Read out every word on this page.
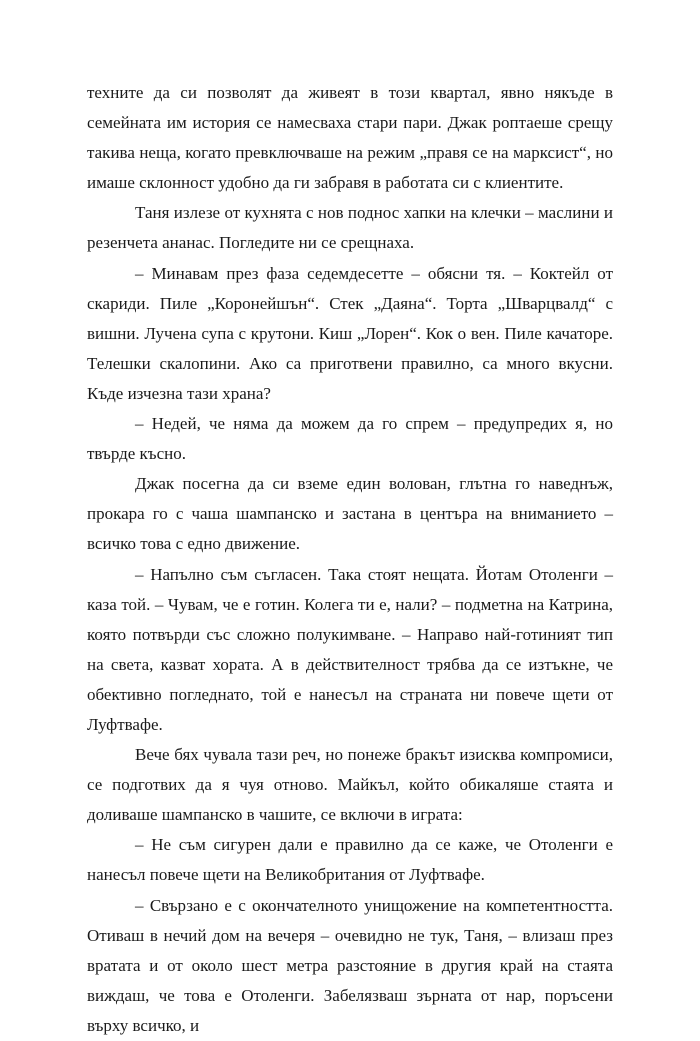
техните да си позволят да живеят в този квартал, явно някъде в семейната им история се намесваха стари пари. Джак роптаеше срещу такива неща, когато превключваше на режим „правя се на марксист“, но имаше склонност удобно да ги забравя в работата си с клиентите.

Таня излезе от кухнята с нов поднос хапки на клечки – маслини и резенчета ананас. Погледите ни се срещнаха.

– Минавам през фаза седемдесетте – обясни тя. – Коктейл от скариди. Пиле „Коронейшън“. Стек „Даяна“. Торта „Шварцвалд“ с вишни. Лучена супа с крутони. Киш „Лорен“. Кок о вен. Пиле качаторе. Телешки скалопини. Ако са приготвени правилно, са много вкусни. Къде изчезна тази храна?

– Недей, че няма да можем да го спрем – предупредих я, но твърде късно.

Джак посегна да си вземе един волован, глътна го наведнъж, прокара го с чаша шампанско и застана в центъра на вниманието – всичко това с едно движение.

– Напълно съм съгласен. Така стоят нещата. Йотам Отоленги – каза той. – Чувам, че е готин. Колега ти е, нали? – подметна на Катрина, която потвърди със сложно полукимване. – Направо най-готиният тип на света, казват хората. А в действителност трябва да се изтъкне, че обективно погледнато, той е нанесъл на страната ни повече щети от Луфтвафе.

Вече бях чувала тази реч, но понеже бракът изисква компромиси, се подготвих да я чуя отново. Майкъл, който обикаляше стаята и доливаше шампанско в чашите, се включи в играта:

– Не съм сигурен дали е правилно да се каже, че Отоленги е нанесъл повече щети на Великобритания от Луфтвафе.

– Свързано е с окончателното унищожение на компетентността. Отиваш в нечий дом на вечеря – очевидно не тук, Таня, – влизаш през вратата и от около шест метра разстояние в другия край на стаята виждаш, че това е Отоленги. Забелязваш зърната от нар, поръсени върху всичко, и
